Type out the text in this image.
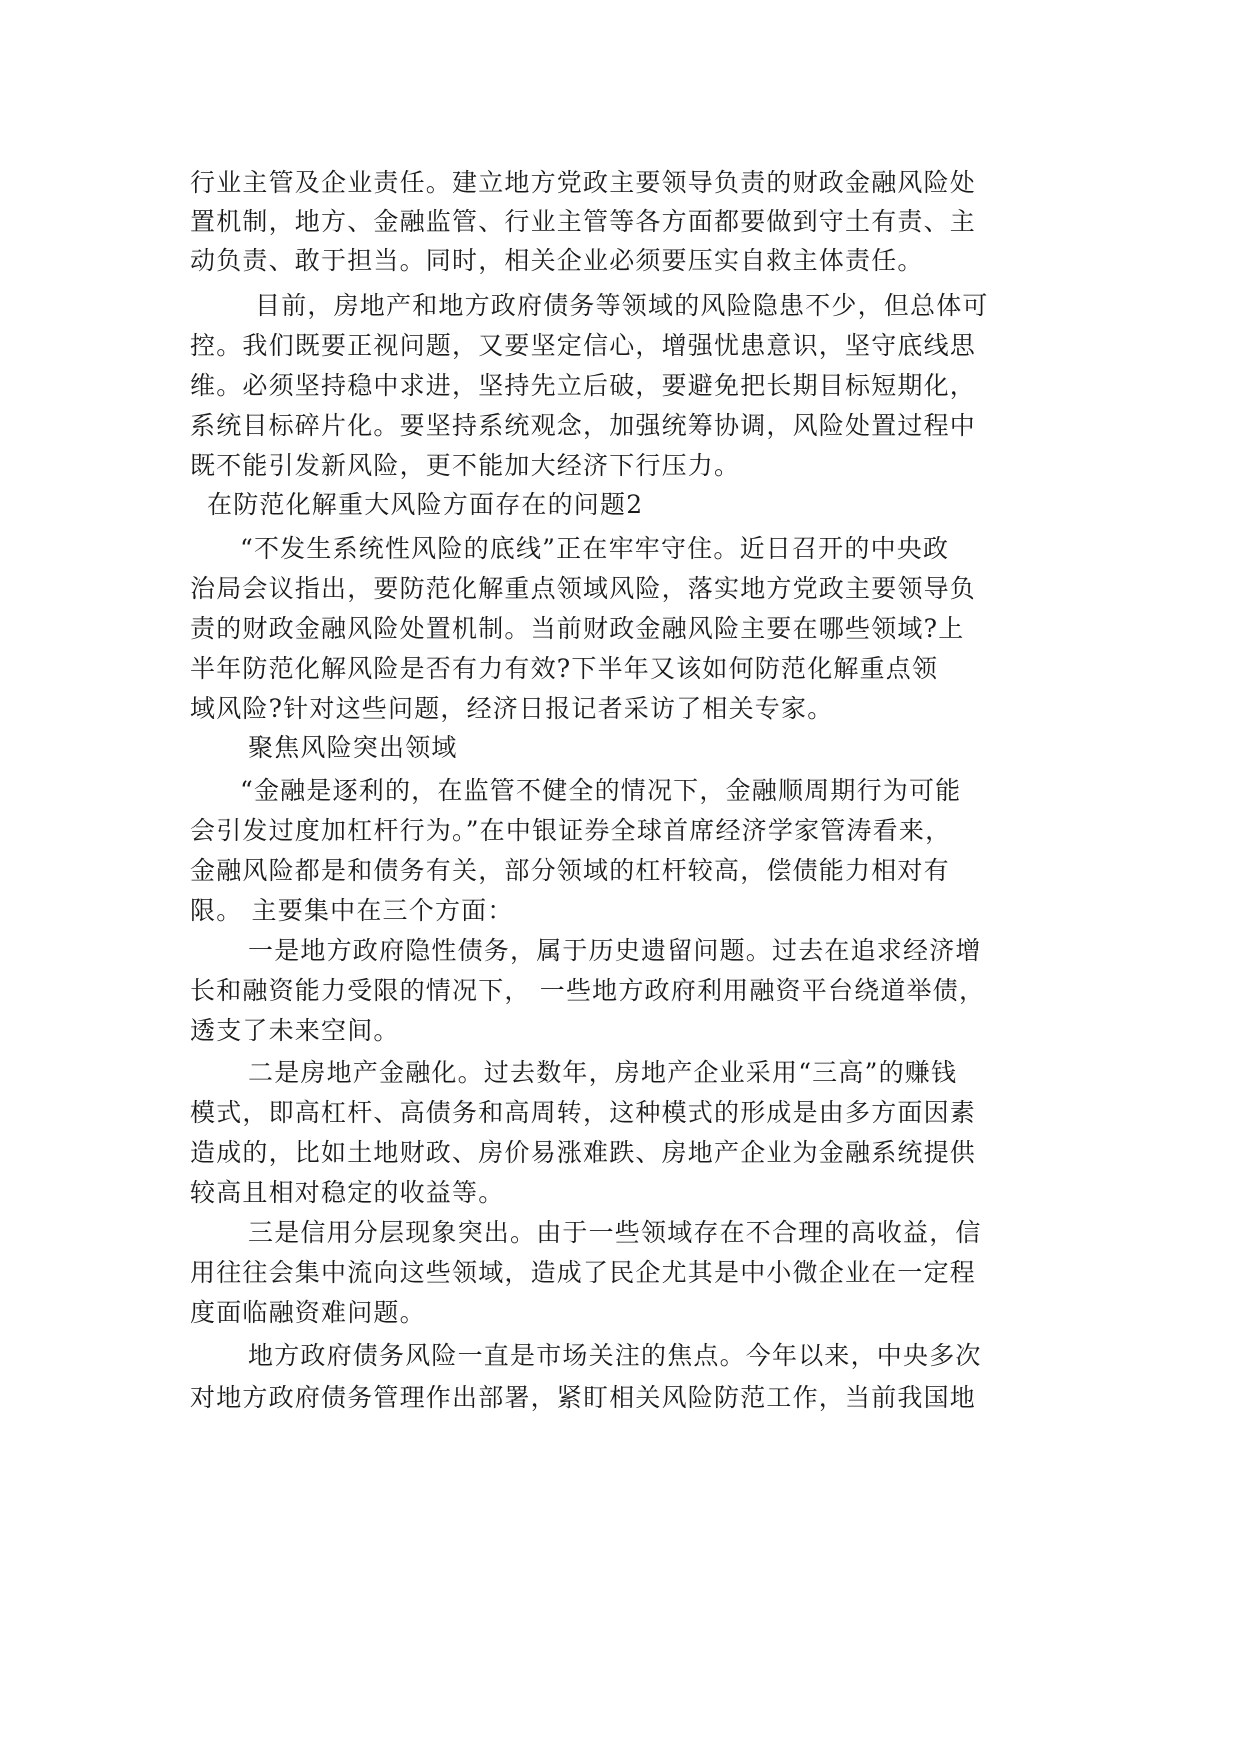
行业主管及企业责任。建立地方党政主要领导负责的财政金融风险处
置机制，地方、金融监管、行业主管等各方面都要做到守土有责、主
动负责、敢于担当。同时，相关企业必须要压实自救主体责任。
目前，房地产和地方政府债务等领域的风险隐患不少，但总体可
控。我们既要正视问题，又要坚定信心，增强忧患意识，坚守底线思
维。必须坚持稳中求进，坚持先立后破，要避免把长期目标短期化，
系统目标碎片化。要坚持系统观念，加强统筹协调，风险处置过程中
既不能引发新风险，更不能加大经济下行压力。
在防范化解重大风险方面存在的问题2
“不发生系统性风险的底线”正在牢牢守住。近日召开的中央政
治局会议指出，要防范化解重点领域风险，落实地方党政主要领导负
责的财政金融风险处置机制。当前财政金融风险主要在哪些领域?上
半年防范化解风险是否有力有效?下半年又该如何防范化解重点领
域风险?针对这些问题，经济日报记者采访了相关专家。
聚焦风险突出领域
“金融是逐利的，在监管不健全的情况下，金融顺周期行为可能
会引发过度加杠杆行为。”在中银证券全球首席经济学家管涛看来，
金融风险都是和债务有关，部分领域的杠杆较高，偿债能力相对有
限。 主要集中在三个方面：
一是地方政府隐性债务，属于历史遗留问题。过去在追求经济增
长和融资能力受限的情况下， 一些地方政府利用融资平台绕道举债，
透支了未来空间。
二是房地产金融化。过去数年，房地产企业采用“三高”的赚钱
模式，即高杠杆、高债务和高周转，这种模式的形成是由多方面因素
造成的，比如土地财政、房价易涨难跌、房地产企业为金融系统提供
较高且相对稳定的收益等。
三是信用分层现象突出。由于一些领域存在不合理的高收益，信
用往往会集中流向这些领域，造成了民企尤其是中小微企业在一定程
度面临融资难问题。
地方政府债务风险一直是市场关注的焦点。今年以来，中央多次
对地方政府债务管理作出部署，紧盯相关风险防范工作，当前我国地
